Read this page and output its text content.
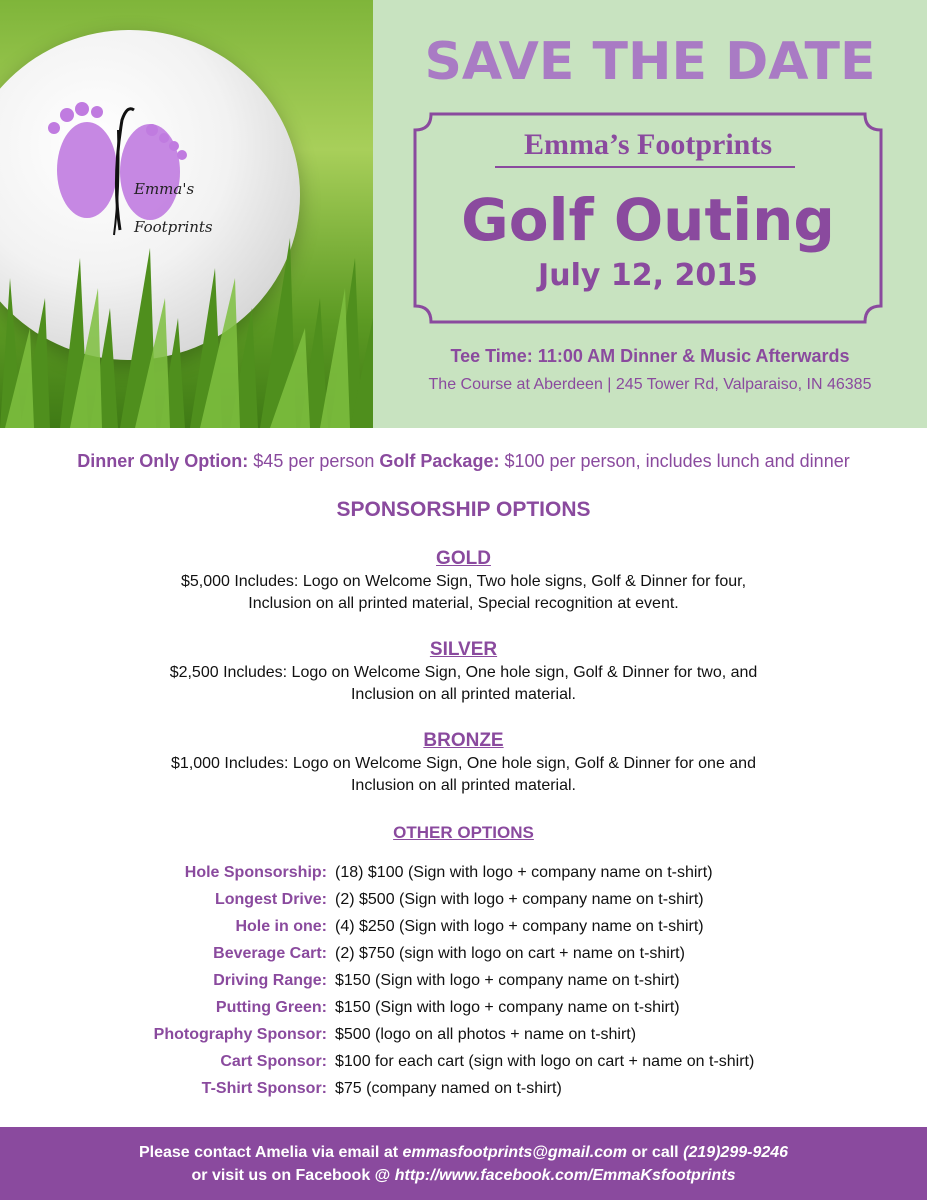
Emma's
Footprints
SAVE THE DATE
Emma’s Footprints
Golf Outing
July 12, 2015
Tee Time: 11:00 AM Dinner & Music Afterwards
The Course at Aberdeen | 245 Tower Rd, Valparaiso, IN 46385
Dinner Only Option: $45 per person Golf Package: $100 per person, includes lunch and dinner
SPONSORSHIP OPTIONS
GOLD
$5,000 Includes: Logo on Welcome Sign, Two hole signs, Golf & Dinner for four,
Inclusion on all printed material, Special recognition at event.
SILVER
$2,500 Includes: Logo on Welcome Sign, One hole sign, Golf & Dinner for two, and
Inclusion on all printed material.
BRONZE
$1,000 Includes: Logo on Welcome Sign, One hole sign, Golf & Dinner for one and
Inclusion on all printed material.
OTHER OPTIONS
Hole Sponsorship: (18) $100 (Sign with logo + company name on t-shirt)
Longest Drive: (2) $500 (Sign with logo + company name on t-shirt)
Hole in one: (4) $250 (Sign with logo + company name on t-shirt)
Beverage Cart: (2) $750 (sign with logo on cart + name on t-shirt)
Driving Range: $150 (Sign with logo + company name on t-shirt)
Putting Green: $150 (Sign with logo + company name on t-shirt)
Photography Sponsor: $500 (logo on all photos + name on t-shirt)
Cart Sponsor: $100 for each cart (sign with logo on cart + name on t-shirt)
T-Shirt Sponsor: $75 (company named on t-shirt)
Please contact Amelia via email at emmasfootprints@gmail.com or call (219)299-9246
or visit us on Facebook @ http://www.facebook.com/EmmaKsfootprints
